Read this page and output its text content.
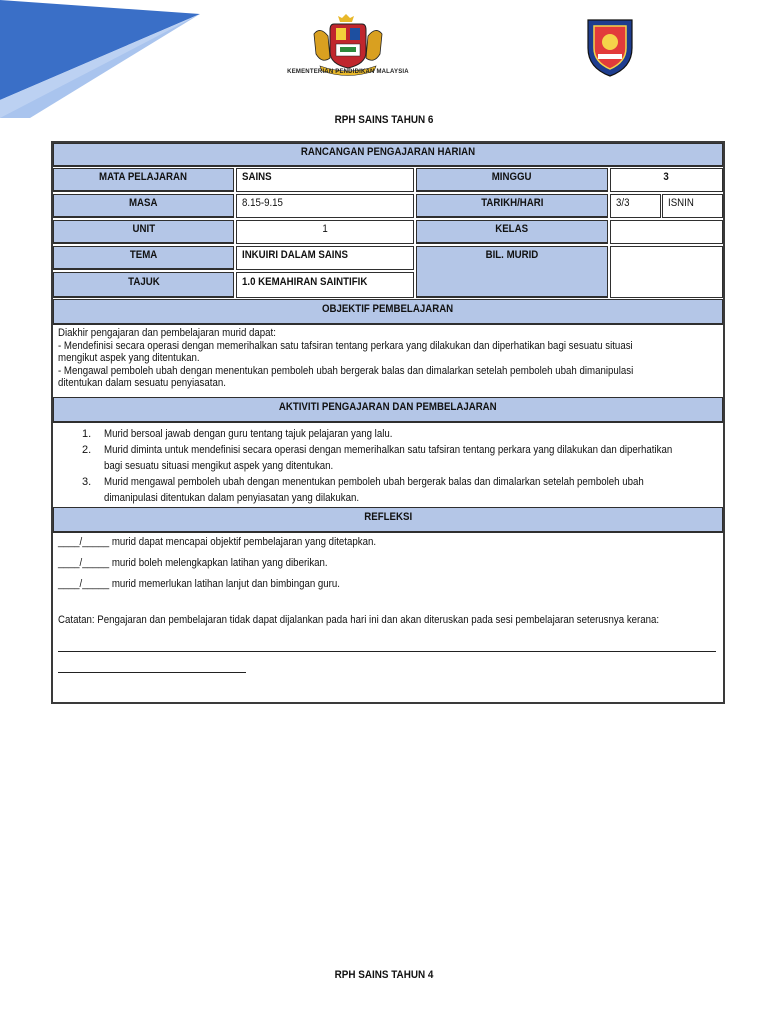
KEMENTERIAN PENDIDIKAN MALAYSIA
RPH SAINS TAHUN 6
RANCANGAN PENGAJARAN HARIAN
MATA PELAJARAN	SAINS	MINGGU	3
MASA	8.15-9.15	TARIKH/HARI	3/3	ISNIN
UNIT	1	KELAS
TEMA	INKUIRI DALAM SAINS	BIL. MURID
TAJUK	1.0 KEMAHIRAN SAINTIFIK
OBJEKTIF PEMBELAJARAN
Diakhir pengajaran dan pembelajaran murid dapat:
- Mendefinisi secara operasi dengan memerihalkan satu tafsiran tentang perkara yang dilakukan dan diperhatikan bagi sesuatu situasi
mengikut aspek yang ditentukan.
- Mengawal pemboleh ubah dengan menentukan pemboleh ubah bergerak balas dan dimalarkan setelah pemboleh ubah dimanipulasi
ditentukan dalam sesuatu penyiasatan.
AKTIVITI PENGAJARAN DAN PEMBELAJARAN
1. Murid bersoal jawab dengan guru tentang tajuk pelajaran yang lalu.
2. Murid diminta untuk mendefinisi secara operasi dengan memerihalkan satu tafsiran tentang perkara yang dilakukan dan diperhatikan
bagi sesuatu situasi mengikut aspek yang ditentukan.
3. Murid mengawal pemboleh ubah dengan menentukan pemboleh ubah bergerak balas dan dimalarkan setelah pemboleh ubah
dimanipulasi ditentukan dalam penyiasatan yang dilakukan.
REFLEKSI
____/_____ murid dapat mencapai objektif pembelajaran yang ditetapkan.
____/_____ murid boleh melengkapkan latihan yang diberikan.
____/_____ murid memerlukan latihan lanjut dan bimbingan guru.
Catatan: Pengajaran dan pembelajaran tidak dapat dijalankan pada hari ini dan akan diteruskan pada sesi pembelajaran seterusnya kerana:
RPH SAINS TAHUN 4
